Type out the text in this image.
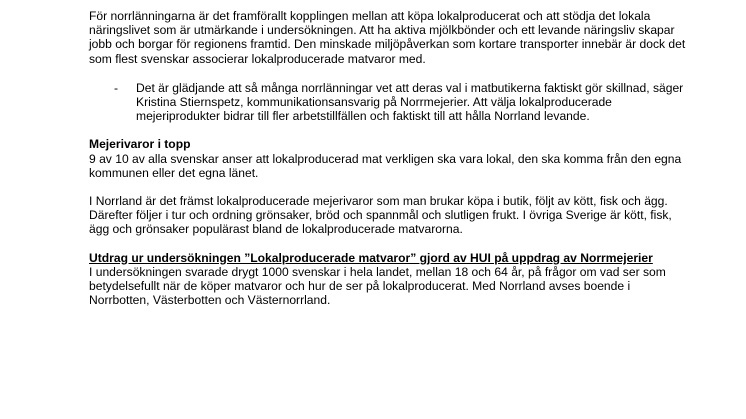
För norrlänningarna är det framförallt kopplingen mellan att köpa lokalproducerat och att stödja det lokala näringslivet som är utmärkande i undersökningen. Att ha aktiva mjölkbönder och ett levande näringsliv skapar jobb och borgar för regionens framtid. Den minskade miljöpåverkan som kortare transporter innebär är dock det som flest svenskar associerar lokalproducerade matvaror med.

- Det är glädjande att så många norrlänningar vet att deras val i matbutikerna faktiskt gör skillnad, säger Kristina Stiernspetz, kommunikationsansvarig på Norrmejerier. Att välja lokalproducerade mejeriprodukter bidrar till fler arbetstillfällen och faktiskt till att hålla Norrland levande.

Mejerivaror i topp

9 av 10 av alla svenskar anser att lokalproducerad mat verkligen ska vara lokal, den ska komma från den egna kommunen eller det egna länet.

I Norrland är det främst lokalproducerade mejerivaror som man brukar köpa i butik, följt av kött, fisk och ägg. Därefter följer i tur och ordning grönsaker, bröd och spannmål och slutligen frukt. I övriga Sverige är kött, fisk, ägg och grönsaker populärast bland de lokalproducerade matvarorna.

Utdrag ur undersökningen ”Lokalproducerade matvaror” gjord av HUI på uppdrag av Norrmejerier

I undersökningen svarade drygt 1000 svenskar i hela landet, mellan 18 och 64 år, på frågor om vad ser som betydelsefullt när de köper matvaror och hur de ser på lokalproducerat. Med Norrland avses boende i Norrbotten, Västerbotten och Västernorrland.
